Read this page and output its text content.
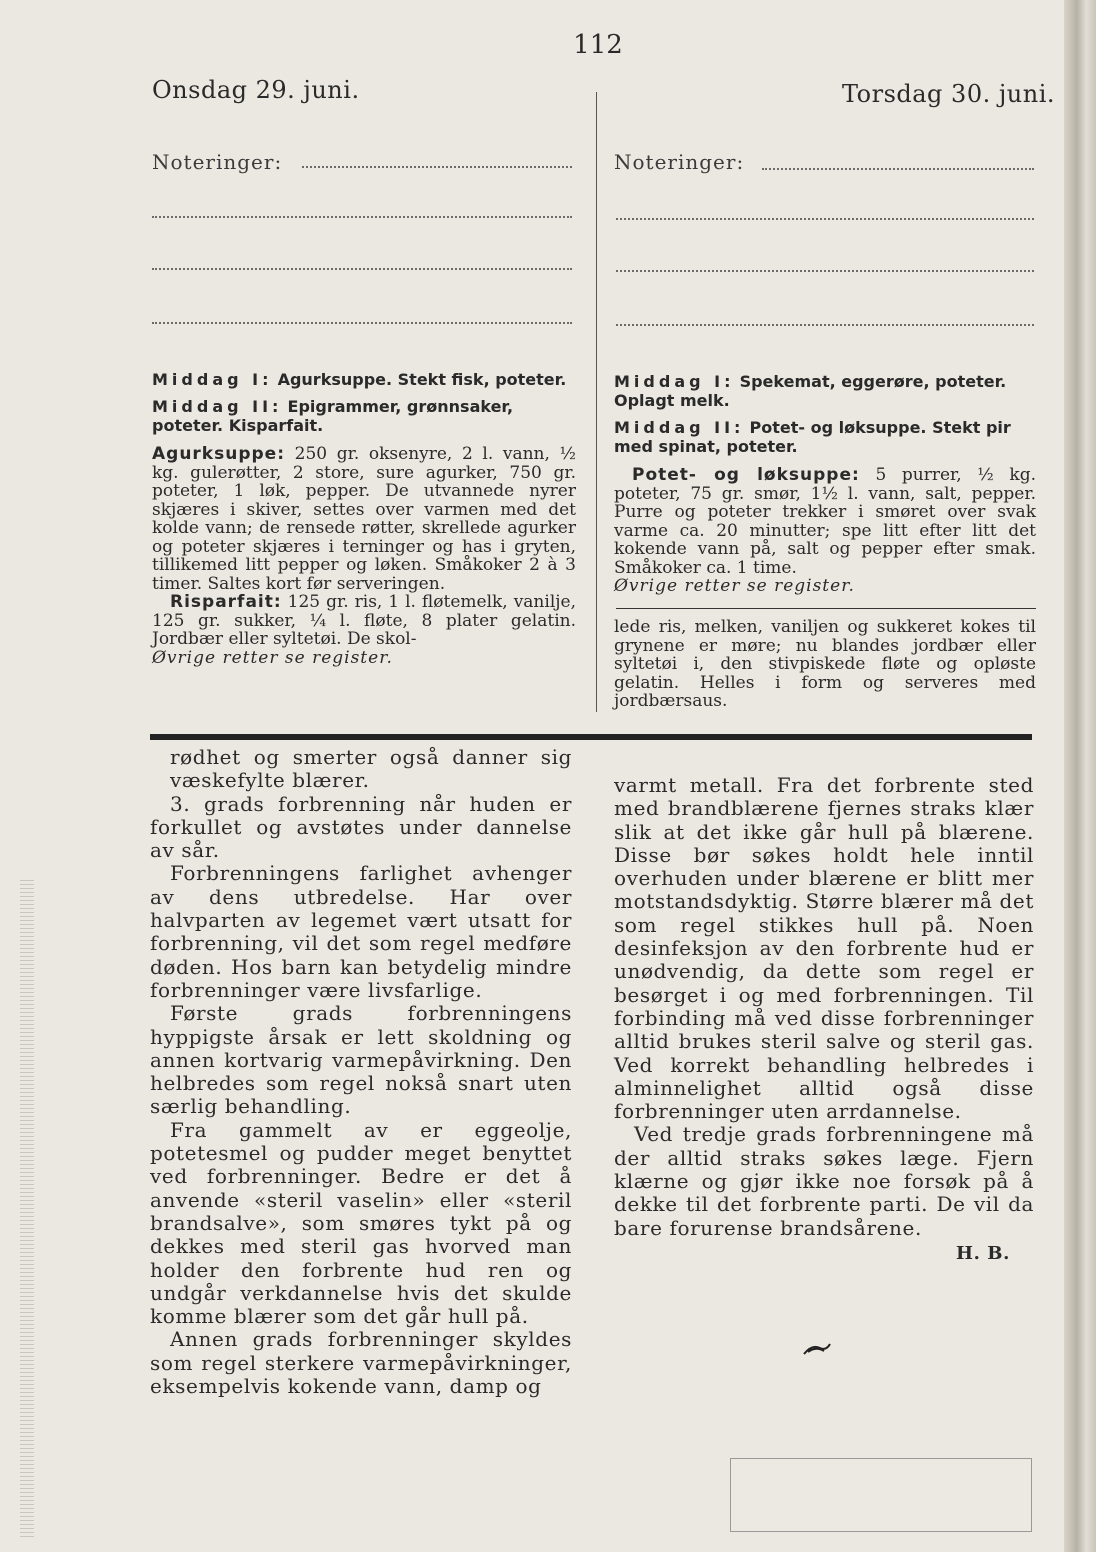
112
Onsdag 29. juni.	Torsdag 30. juni.
Noteringer:	Noteringer:
Middag I: Agurksuppe. Stekt fisk, poteter.
Middag II: Epigrammer, grønnsaker, poteter. Kisparfait.
Agurksuppe: 250 gr. oksenyre, 2 l. vann, ½ kg. gulerøtter, 2 store, sure agurker, 750 gr. poteter, 1 løk, pepper. De utvannede nyrer skjæres i skiver, settes over varmen med det kolde vann; de rensede røtter, skrellede agurker og poteter skjæres i terninger og has i gryten, tillikemed litt pepper og løken. Småkoker 2 à 3 timer. Saltes kort før serveringen.
Risparfait: 125 gr. ris, 1 l. fløtemelk, vanilje, 125 gr. sukker, ¼ l. fløte, 8 plater gelatin. Jordbær eller syltetøi. De skol-
Øvrige retter se register.
Middag I: Spekemat, eggerøre, poteter. Oplagt melk.
Middag II: Potet- og løksuppe. Stekt pir med spinat, poteter.
Potet- og løksuppe: 5 purrer, ½ kg. poteter, 75 gr. smør, 1½ l. vann, salt, pepper. Purre og poteter trekker i smøret over svak varme ca. 20 minutter; spe litt efter litt det kokende vann på, salt og pepper efter smak. Småkoker ca. 1 time.
Øvrige retter se register.
lede ris, melken, vaniljen og sukkeret kokes til grynene er møre; nu blandes jordbær eller syltetøi i, den stivpiskede fløte og opløste gelatin. Helles i form og serveres med jordbærsaus.

rødhet og smerter også danner sig væskefylte blærer.

3. grads forbrenning når huden er forkullet og avstøtes under dannelse av sår.

Forbrenningens farlighet avhenger av dens utbredelse. Har over halvparten av legemet vært utsatt for forbrenning, vil det som regel medføre døden. Hos barn kan betydelig mindre forbrenninger være livsfarlige.

Første grads forbrenningens hyppigste årsak er lett skoldning og annen kortvarig varmepåvirkning. Den helbredes som regel nokså snart uten særlig behandling.

Fra gammelt av er eggeolje, potetesmel og pudder meget benyttet ved forbrenninger. Bedre er det å anvende «steril vaselin» eller «steril brandsalve», som smøres tykt på og dekkes med steril gas hvorved man holder den forbrente hud ren og undgår verkdannelse hvis det skulde komme blærer som det går hull på.

Annen grads forbrenninger skyldes som regel sterkere varmepåvirkninger, eksempelvis kokende vann, damp og

varmt metall. Fra det forbrente sted med brandblærene fjernes straks klær slik at det ikke går hull på blærene. Disse bør søkes holdt hele inntil overhuden under blærene er blitt mer motstandsdyktig. Større blærer må det som regel stikkes hull på. Noen desinfeksjon av den forbrente hud er unødvendig, da dette som regel er besørget i og med forbrenningen. Til forbinding må ved disse forbrenninger alltid brukes steril salve og steril gas. Ved korrekt behandling helbredes i alminnelighet alltid også disse forbrenninger uten arrdannelse.

Ved tredje grads forbrenningene må der alltid straks søkes læge. Fjern klærne og gjør ikke noe forsøk på å dekke til det forbrente parti. De vil da bare forurense brandsårene.

H. B.
